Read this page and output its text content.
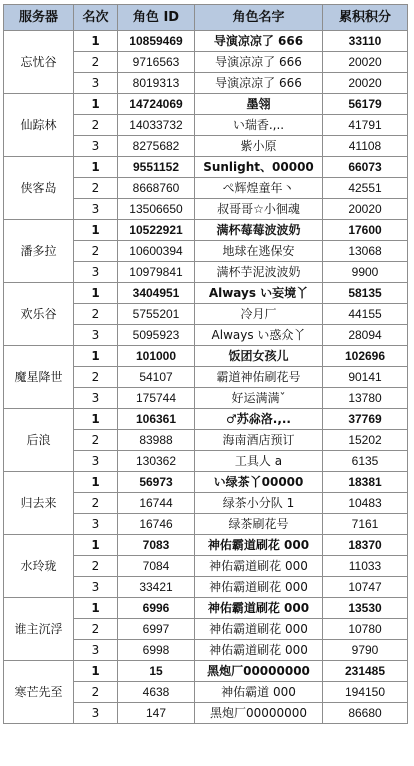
服务器	名次	角色 ID	角色名字	累积积分
忘忧谷	1	10859469	导演凉凉了 666	33110
	2	9716563	导演凉凉了 666	20020
	3	8019313	导演凉凉了 666	20020
仙踪林	1	14724069	墨翎	56179
	2	14033732	い瑞香.,..	41791
	3	8275682	紫小原	41108
侠客岛	1	9551152	Sunlight、00000	66073
	2	8668760	ぺ辉煌童年丶	42551
	3	13506650	叔哥哥☆小徊魂	20020
潘多拉	1	10522921	满杯莓莓波波奶	17600
	2	10600394	地球在逃保安	13068
	3	10979841	满杯芋泥波波奶	9900
欢乐谷	1	3404951	Always い妄境丫	58135
	2	5755201	冷月厂	44155
	3	5095923	Always い惑众丫	28094
魔星降世	1	101000	饭团女孩儿	102696
	2	54107	霸道神佑刷花号	90141
	3	175744	好运满满ˇ	13780
后浪	1	106361	♂苏尛洛.,..	37769
	2	83988	海南酒店预订	15202
	3	130362	工具人 a	6135
归去来	1	56973	い绿茶丫00000	18381
	2	16744	绿茶小分队 1	10483
	3	16746	绿茶刷花号	7161
水玲珑	1	7083	神佑霸道刷花 000	18370
	2	7084	神佑霸道刷花 000	11033
	3	33421	神佑霸道刷花 000	10747
谁主沉浮	1	6996	神佑霸道刷花 000	13530
	2	6997	神佑霸道刷花 000	10780
	3	6998	神佑霸道刷花 000	9790
寒芒先至	1	15	黑炮厂00000000	231485
	2	4638	神佑霸道 000	194150
	3	147	黑炮厂00000000	86680
